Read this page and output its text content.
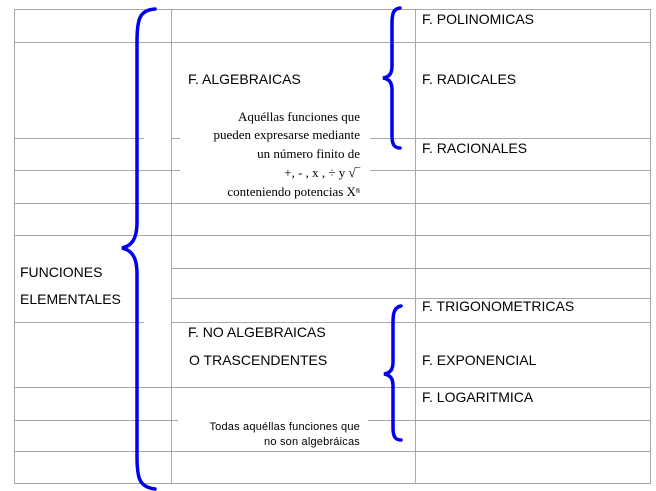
FUNCIONES
ELEMENTALES
F. ALGEBRAICAS
Aquéllas funciones que
pueden expresarse mediante
un número finito de
+, - , x , ÷ y √‾
conteniendo potencias Xⁿ
F. POLINOMICAS
F. RADICALES
F. RACIONALES
F. NO ALGEBRAICAS
O TRASCENDENTES
Todas aquéllas funciones que
no son algebráicas
F. TRIGONOMETRICAS
F. EXPONENCIAL
F. LOGARITMICA
